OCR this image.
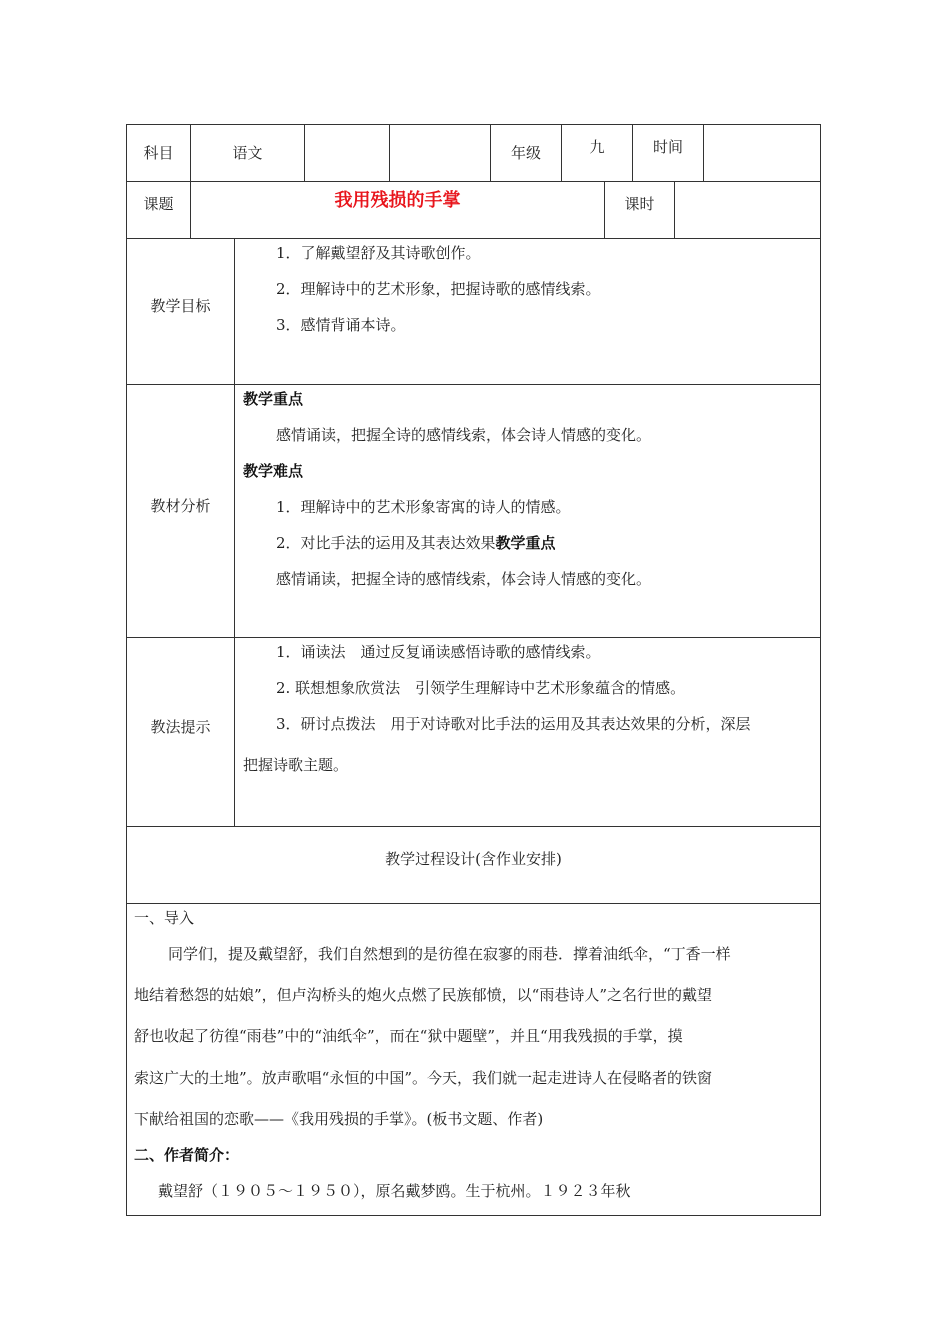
科目	语文	年级	九	时间
课题	我用残损的手掌	课时
教学目标
1．了解戴望舒及其诗歌创作。
2．理解诗中的艺术形象，把握诗歌的感情线索。
3．感情背诵本诗。
教材分析
教学重点
感情诵读，把握全诗的感情线索，体会诗人情感的变化。
教学难点
1．理解诗中的艺术形象寄寓的诗人的情感。
2．对比手法的运用及其表达效果教学重点
感情诵读，把握全诗的感情线索，体会诗人情感的变化。
教法提示
1．诵读法　通过反复诵读感悟诗歌的感情线索。
2. 联想想象欣赏法　引领学生理解诗中艺术形象蕴含的情感。
3．研讨点拨法　用于对诗歌对比手法的运用及其表达效果的分析，深层
把握诗歌主题。
教学过程设计(含作业安排)
一、导入
同学们，提及戴望舒，我们自然想到的是彷徨在寂寥的雨巷．撑着油纸伞，“丁香一样
地结着愁怨的姑娘”，但卢沟桥头的炮火点燃了民族郁愤，以“雨巷诗人”之名行世的戴望
舒也收起了彷徨“雨巷”中的“油纸伞”，而在“狱中题壁”，并且“用我残损的手掌，摸
索这广大的土地”。放声歌唱“永恒的中国”。今天，我们就一起走进诗人在侵略者的铁窗
下献给祖国的恋歌——《我用残损的手掌》。(板书文题、作者)
二、作者简介：
戴望舒（１９０５～１９５０），原名戴梦鸥。生于杭州。１９２３年秋
